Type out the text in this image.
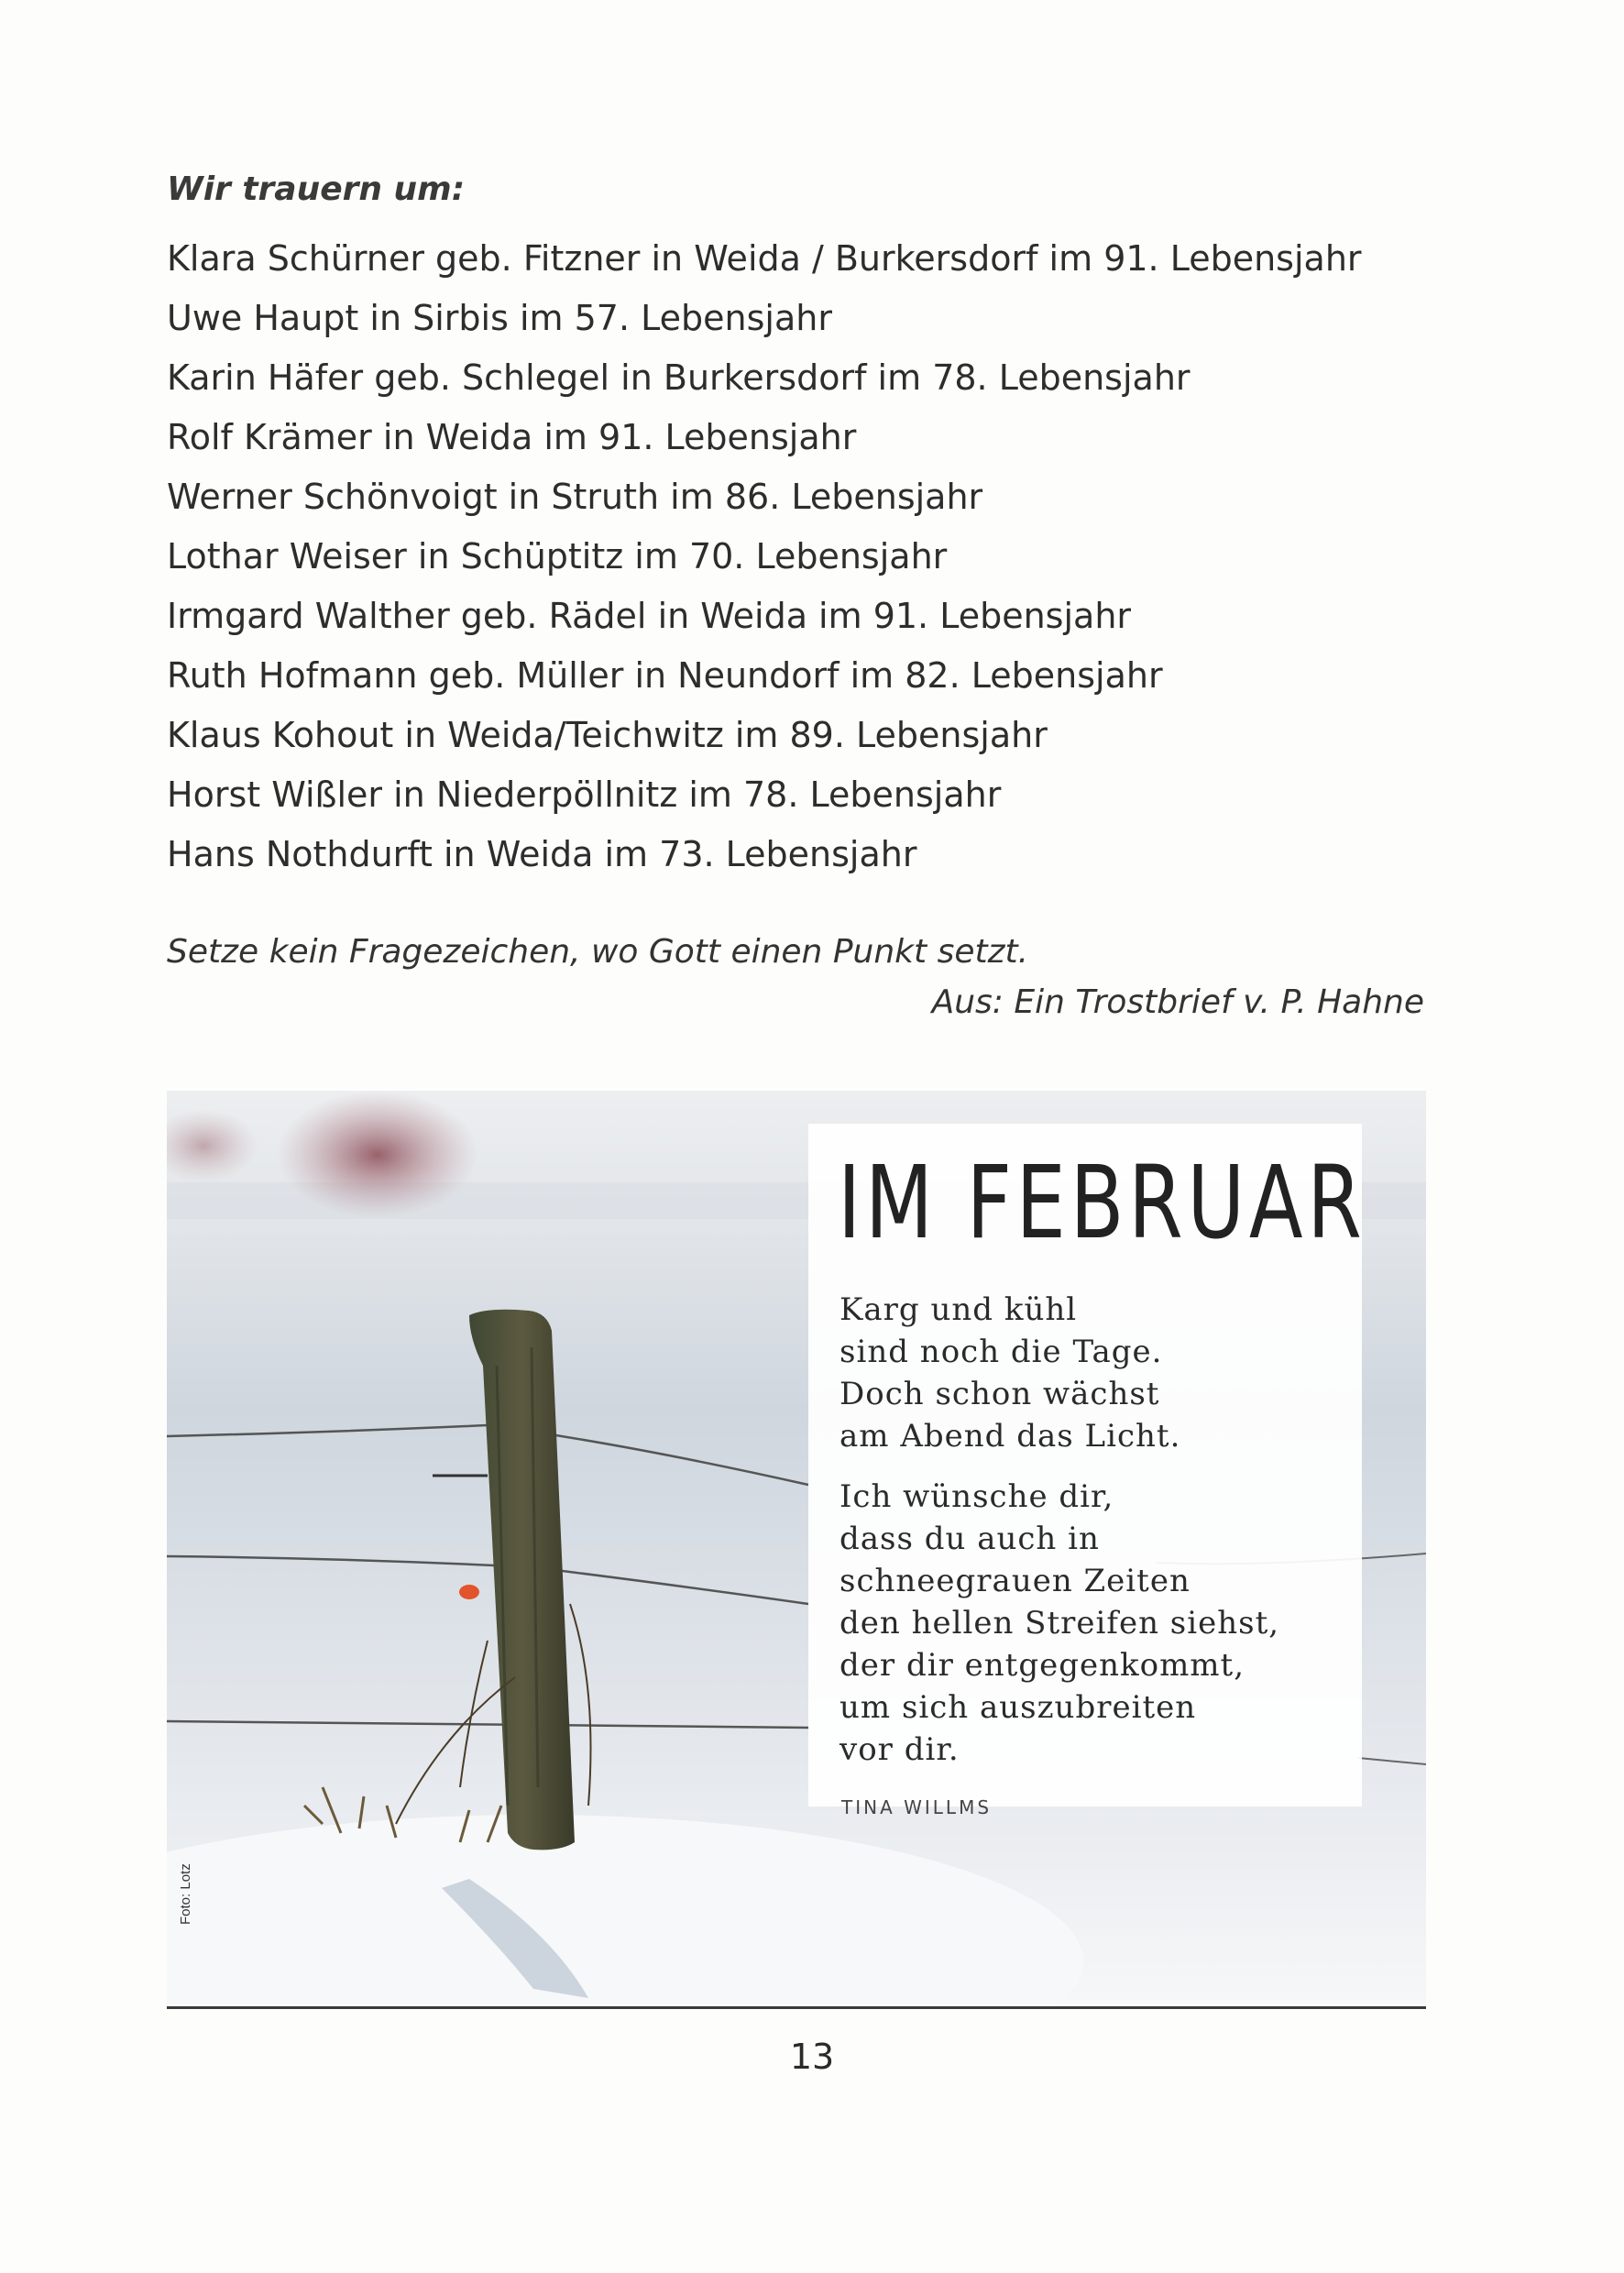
Wir trauern um:
Klara Schürner geb. Fitzner in Weida / Burkersdorf im 91. Lebensjahr
Uwe Haupt in Sirbis im 57. Lebensjahr
Karin Häfer geb. Schlegel in Burkersdorf im 78. Lebensjahr
Rolf Krämer in Weida im 91. Lebensjahr
Werner Schönvoigt in Struth im 86. Lebensjahr
Lothar Weiser in Schüptitz im 70. Lebensjahr
Irmgard Walther geb. Rädel in Weida im 91. Lebensjahr
Ruth Hofmann geb. Müller in Neundorf im 82. Lebensjahr
Klaus Kohout in Weida/Teichwitz im 89. Lebensjahr
Horst Wißler in Niederpöllnitz im 78. Lebensjahr
Hans Nothdurft in Weida im 73. Lebensjahr
Setze kein Fragezeichen, wo Gott einen Punkt setzt.
Aus: Ein Trostbrief v. P. Hahne
IM FEBRUAR
Karg und kühl
sind noch die Tage.
Doch schon wächst
am Abend das Licht.
Ich wünsche dir,
dass du auch in
schneegrauen Zeiten
den hellen Streifen siehst,
der dir entgegenkommt,
um sich auszubreiten
vor dir.
TINA WILLMS
Foto: Lotz
13
